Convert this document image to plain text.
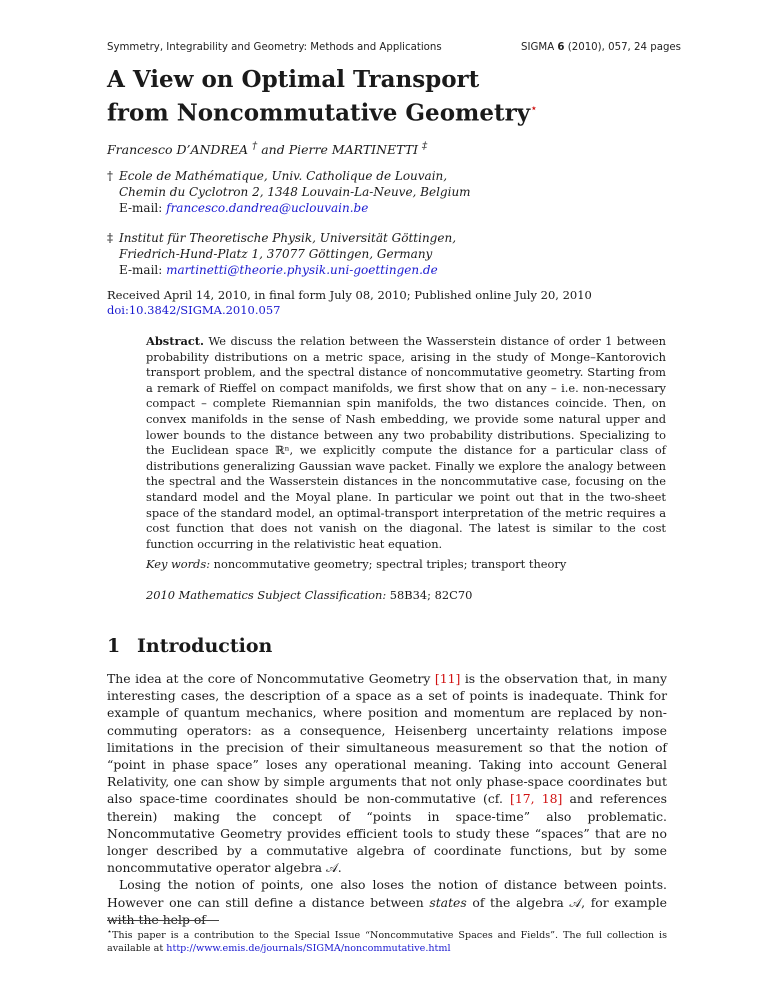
Symmetry, Integrability and Geometry: Methods and Applications	SIGMA 6 (2010), 057, 24 pages
A View on Optimal Transport
from Noncommutative Geometry⋆
Francesco D’ANDREA † and Pierre MARTINETTI ‡
† Ecole de Mathématique, Univ. Catholique de Louvain,
Chemin du Cyclotron 2, 1348 Louvain-La-Neuve, Belgium
E-mail: francesco.dandrea@uclouvain.be
‡ Institut für Theoretische Physik, Universität Göttingen,
Friedrich-Hund-Platz 1, 37077 Göttingen, Germany
E-mail: martinetti@theorie.physik.uni-goettingen.de
Received April 14, 2010, in final form July 08, 2010; Published online July 20, 2010
doi:10.3842/SIGMA.2010.057
Abstract. We discuss the relation between the Wasserstein distance of order 1 between probability distributions on a metric space, arising in the study of Monge–Kantorovich transport problem, and the spectral distance of noncommutative geometry. Starting from a remark of Rieffel on compact manifolds, we first show that on any – i.e. non-necessary compact – complete Riemannian spin manifolds, the two distances coincide. Then, on convex manifolds in the sense of Nash embedding, we provide some natural upper and lower bounds to the distance between any two probability distributions. Specializing to the Euclidean space ℝⁿ, we explicitly compute the distance for a particular class of distributions generalizing Gaussian wave packet. Finally we explore the analogy between the spectral and the Wasserstein distances in the noncommutative case, focusing on the standard model and the Moyal plane. In particular we point out that in the two-sheet space of the standard model, an optimal-transport interpretation of the metric requires a cost function that does not vanish on the diagonal. The latest is similar to the cost function occurring in the relativistic heat equation.
Key words: noncommutative geometry; spectral triples; transport theory
2010 Mathematics Subject Classification: 58B34; 82C70
1 Introduction

The idea at the core of Noncommutative Geometry [11] is the observation that, in many interesting cases, the description of a space as a set of points is inadequate. Think for example of quantum mechanics, where position and momentum are replaced by non-commuting operators: as a consequence, Heisenberg uncertainty relations impose limitations in the precision of their simultaneous measurement so that the notion of “point in phase space” loses any operational meaning. Taking into account General Relativity, one can show by simple arguments that not only phase-space coordinates but also space-time coordinates should be non-commutative (cf. [17, 18] and references therein) making the concept of “points in space-time” also problematic. Noncommutative Geometry provides efficient tools to study these “spaces” that are no longer described by a commutative algebra of coordinate functions, but by some noncommutative operator algebra 𝒜.

Losing the notion of points, one also loses the notion of distance between points. However one can still define a distance between states of the algebra 𝒜, for example with the help of

⋆This paper is a contribution to the Special Issue “Noncommutative Spaces and Fields”. The full collection is available at http://www.emis.de/journals/SIGMA/noncommutative.html
